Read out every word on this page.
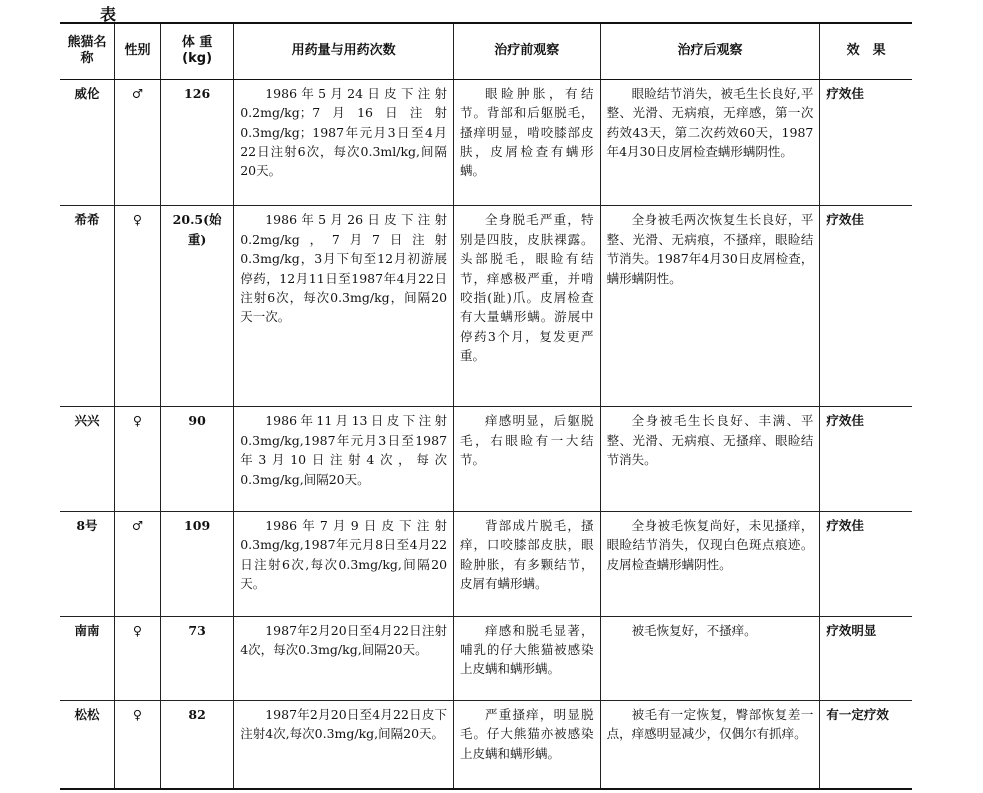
表
熊猫名称	性别	体 重(kg)	用药量与用药次数	治疗前观察	治疗后观察	效　果
威伦	♂	126	1986年5月24日皮下注射0.2mg/kg；7月16日注射0.3mg/kg；1987年元月3日至4月22日注射6次，每次0.3ml/kg,间隔20天。	眼睑肿胀，有结节。背部和后躯脱毛，搔痒明显，啃咬膝部皮肤，皮屑检查有螨形螨。	眼睑结节消失，被毛生长良好,平整、光滑、无病痕，无痒感，第一次药效43天，第二次药效60天，1987年4月30日皮屑检查螨形螨阴性。	疗效佳
希希	♀	20.5(始重)	1986年5月26日皮下注射0.2mg/kg，7月7日注射0.3mg/kg，3月下旬至12月初游展停药，12月11日至1987年4月22日注射6次，每次0.3mg/kg，间隔20天一次。	全身脱毛严重，特别是四肢，皮肤裸露。头部脱毛，眼睑有结节，痒感极严重，并啃咬指(趾)爪。皮屑检查有大量螨形螨。游展中停药3个月，复发更严重。	全身被毛两次恢复生长良好，平整、光滑、无病痕，不搔痒，眼睑结节消失。1987年4月30日皮屑检查，螨形螨阴性。	疗效佳
兴兴	♀	90	1986年11月13日皮下注射0.3mg/kg,1987年元月3日至1987年3月10日注射4次，每次0.3mg/kg,间隔20天。	痒感明显，后躯脱毛，右眼睑有一大结节。	全身被毛生长良好、丰满、平整、光滑、无病痕、无搔痒、眼睑结节消失。	疗效佳
8号	♂	109	1986年7月9日皮下注射0.3mg/kg,1987年元月8日至4月22日注射6次,每次0.3mg/kg,间隔20天。	背部成片脱毛，搔痒，口咬膝部皮肤，眼睑肿胀，有多颗结节，皮屑有螨形螨。	全身被毛恢复尚好，未见搔痒，眼睑结节消失，仅现白色斑点痕迹。皮屑检查螨形螨阴性。	疗效佳
南南	♀	73	1987年2月20日至4月22日注射4次，每次0.3mg/kg,间隔20天。	痒感和脱毛显著，哺乳的仔大熊猫被感染上皮螨和螨形螨。	被毛恢复好，不搔痒。	疗效明显
松松	♀	82	1987年2月20日至4月22日皮下注射4次,每次0.3mg/kg,间隔20天。	严重搔痒，明显脱毛。仔大熊猫亦被感染上皮螨和螨形螨。	被毛有一定恢复，臀部恢复差一点，痒感明显减少，仅偶尔有抓痒。	有一定疗效
